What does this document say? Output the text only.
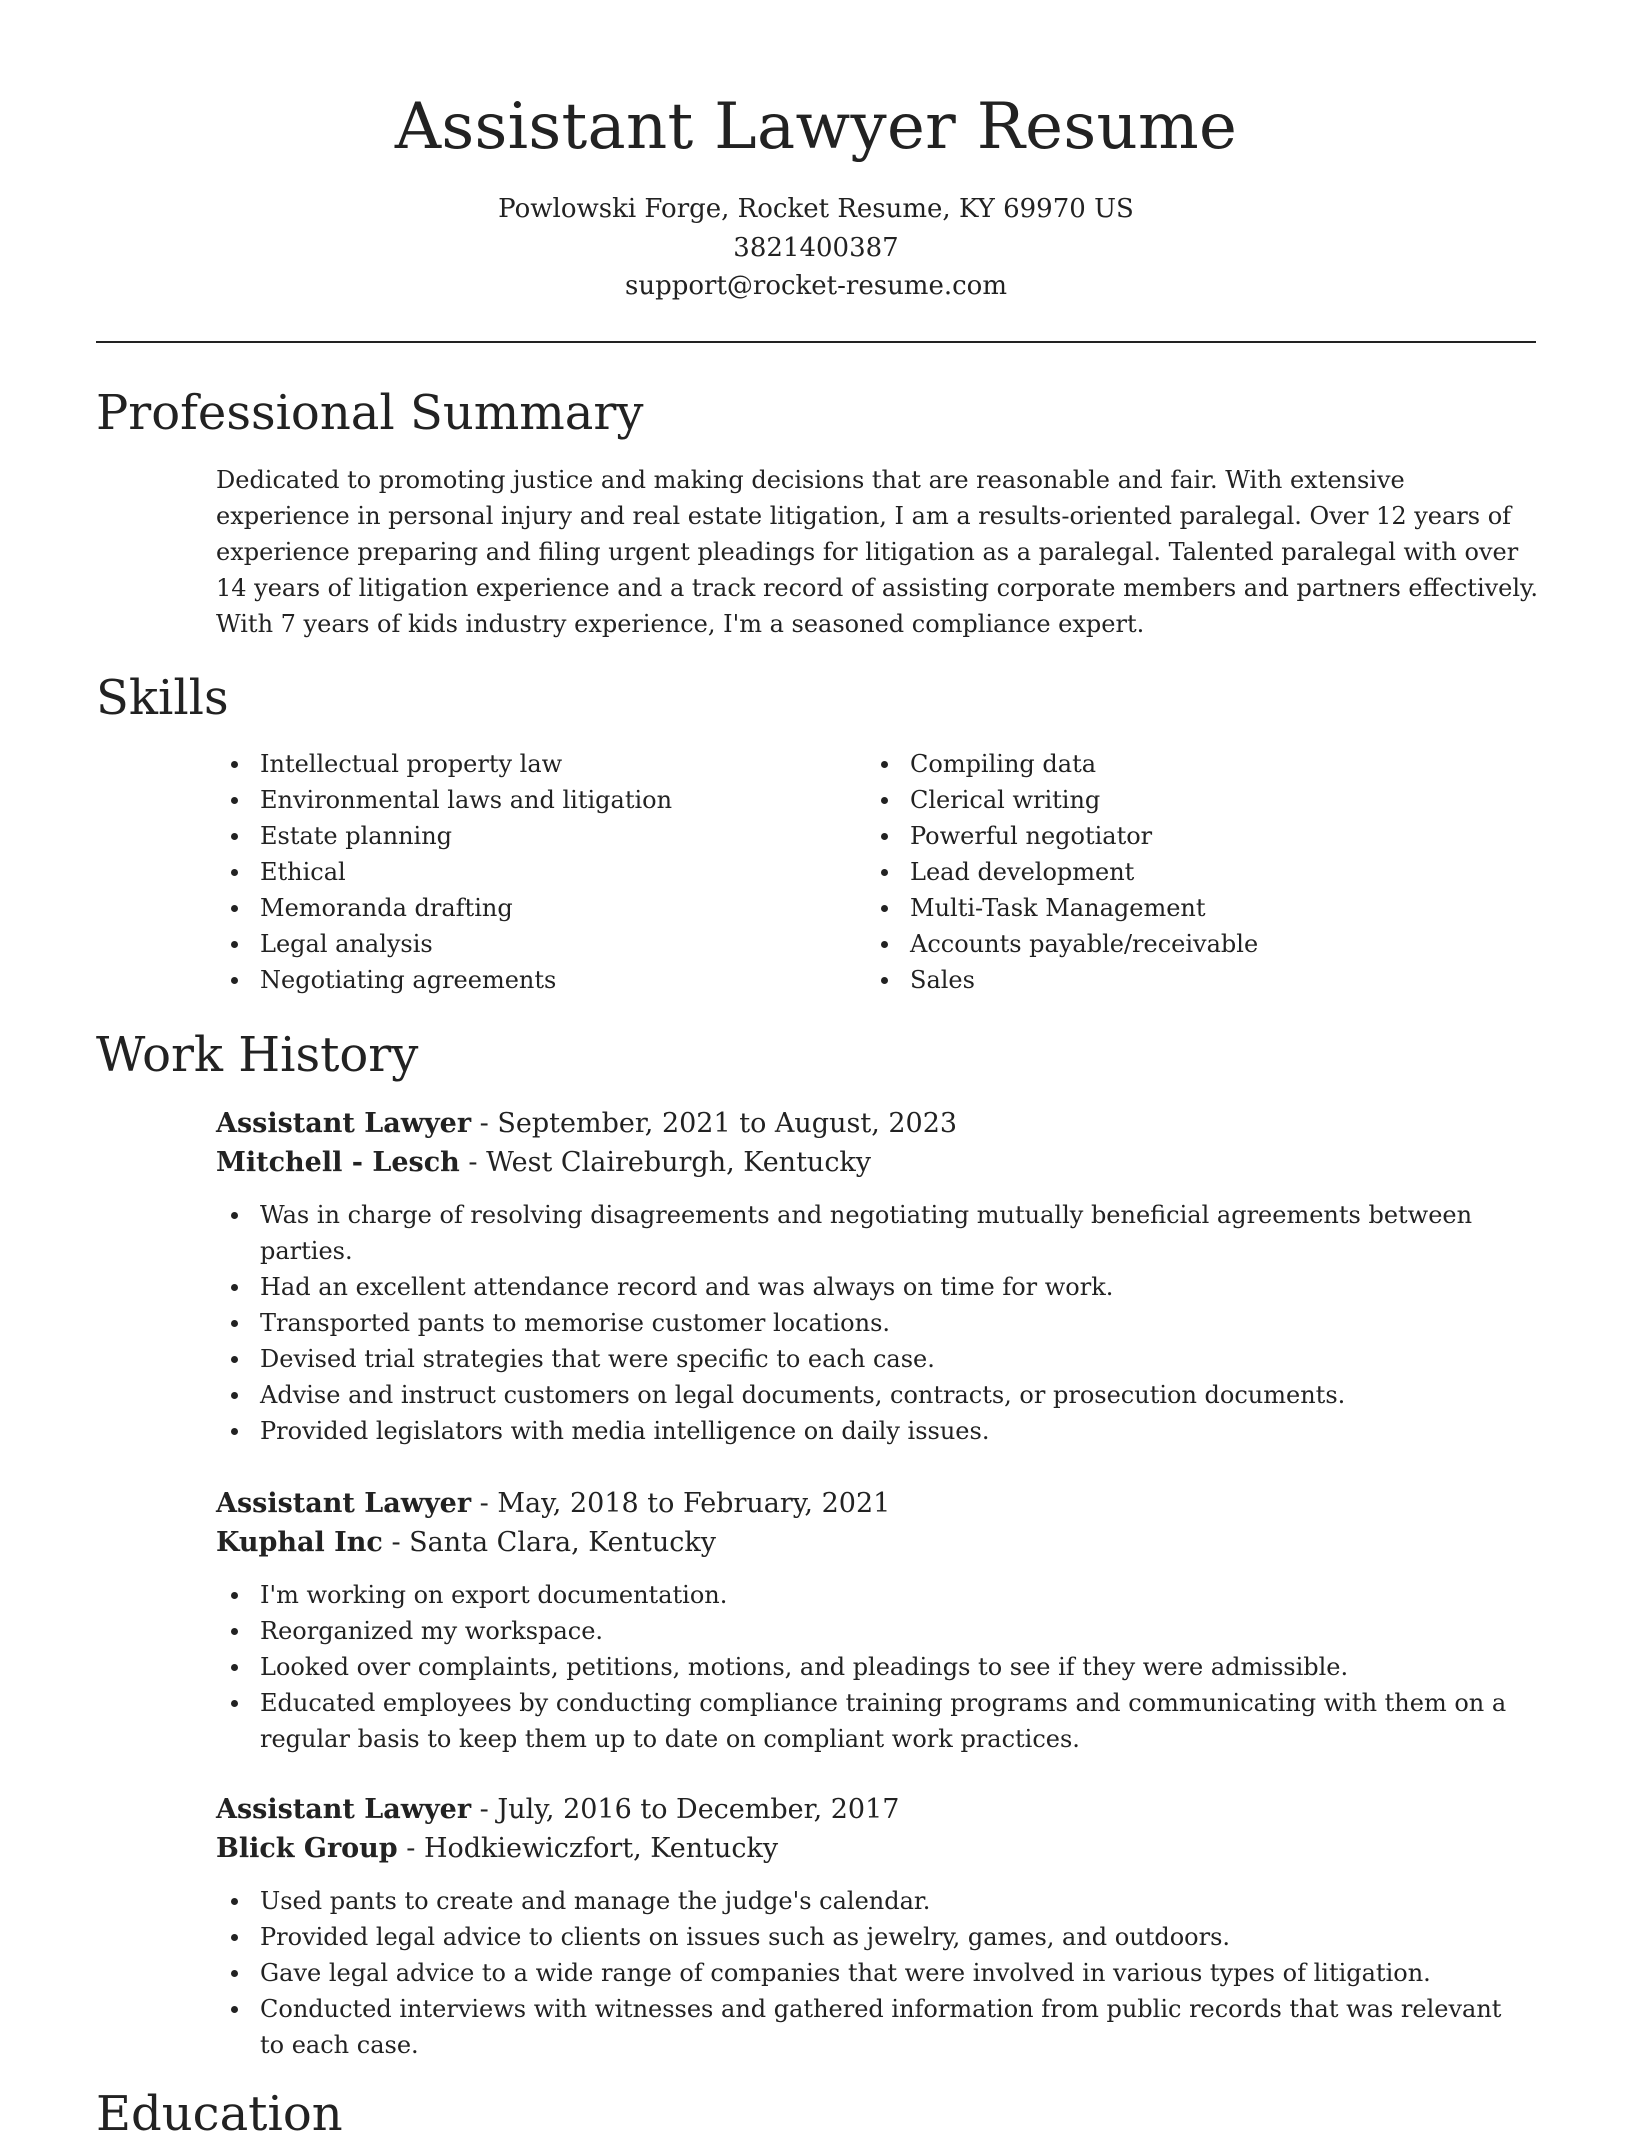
Assistant Lawyer Resume
Powlowski Forge, Rocket Resume, KY 69970 US
3821400387
support@rocket-resume.com
Professional Summary

Dedicated to promoting justice and making decisions that are reasonable and fair. With extensive experience in personal injury and real estate litigation, I am a results-oriented paralegal. Over 12 years of experience preparing and filing urgent pleadings for litigation as a paralegal. Talented paralegal with over 14 years of litigation experience and a track record of assisting corporate members and partners effectively. With 7 years of kids industry experience, I'm a seasoned compliance expert.

Skills
Intellectual property law
Environmental laws and litigation
Estate planning
Ethical
Memoranda drafting
Legal analysis
Negotiating agreements
Compiling data
Clerical writing
Powerful negotiator
Lead development
Multi-Task Management
Accounts payable/receivable
Sales
Work History
Assistant Lawyer - September, 2021 to August, 2023
Mitchell - Lesch - West Claireburgh, Kentucky
Was in charge of resolving disagreements and negotiating mutually beneficial agreements between parties.
Had an excellent attendance record and was always on time for work.
Transported pants to memorise customer locations.
Devised trial strategies that were specific to each case.
Advise and instruct customers on legal documents, contracts, or prosecution documents.
Provided legislators with media intelligence on daily issues.
Assistant Lawyer - May, 2018 to February, 2021
Kuphal Inc - Santa Clara, Kentucky
I'm working on export documentation.
Reorganized my workspace.
Looked over complaints, petitions, motions, and pleadings to see if they were admissible.
Educated employees by conducting compliance training programs and communicating with them on a regular basis to keep them up to date on compliant work practices.
Assistant Lawyer - July, 2016 to December, 2017
Blick Group - Hodkiewiczfort, Kentucky
Used pants to create and manage the judge's calendar.
Provided legal advice to clients on issues such as jewelry, games, and outdoors.
Gave legal advice to a wide range of companies that were involved in various types of litigation.
Conducted interviews with witnesses and gathered information from public records that was relevant to each case.
Education
